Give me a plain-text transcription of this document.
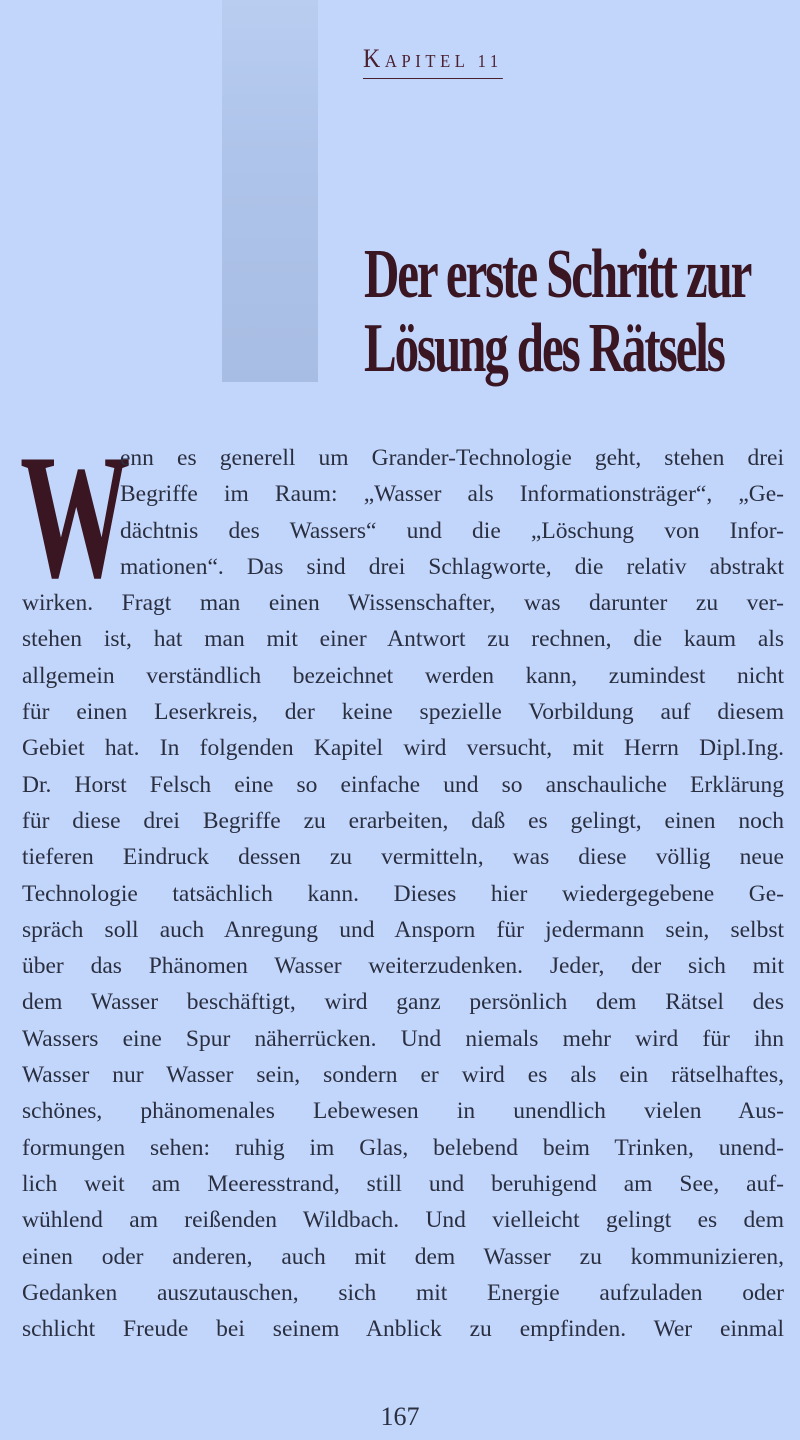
KAPITEL 11
Der erste Schritt zur
Lösung des Rätsels
W
enn es generell um Grander-Technologie geht, stehen drei
Begriffe im Raum: „Wasser als Informationsträger“, „Ge-
dächtnis des Wassers“ und die „Löschung von Infor-
mationen“. Das sind drei Schlagworte, die relativ abstrakt
wirken. Fragt man einen Wissenschafter, was darunter zu ver-
stehen ist, hat man mit einer Antwort zu rechnen, die kaum als
allgemein verständlich bezeichnet werden kann, zumindest nicht
für einen Leserkreis, der keine spezielle Vorbildung auf diesem
Gebiet hat. In folgenden Kapitel wird versucht, mit Herrn Dipl.Ing.
Dr. Horst Felsch eine so einfache und so anschauliche Erklärung
für diese drei Begriffe zu erarbeiten, daß es gelingt, einen noch
tieferen Eindruck dessen zu vermitteln, was diese völlig neue
Technologie tatsächlich kann. Dieses hier wiedergegebene Ge-
spräch soll auch Anregung und Ansporn für jedermann sein, selbst
über das Phänomen Wasser weiterzudenken. Jeder, der sich mit
dem Wasser beschäftigt, wird ganz persönlich dem Rätsel des
Wassers eine Spur näherrücken. Und niemals mehr wird für ihn
Wasser nur Wasser sein, sondern er wird es als ein rätselhaftes,
schönes, phänomenales Lebewesen in unendlich vielen Aus-
formungen sehen: ruhig im Glas, belebend beim Trinken, unend-
lich weit am Meeresstrand, still und beruhigend am See, auf-
wühlend am reißenden Wildbach. Und vielleicht gelingt es dem
einen oder anderen, auch mit dem Wasser zu kommunizieren,
Gedanken auszutauschen, sich mit Energie aufzuladen oder
schlicht Freude bei seinem Anblick zu empfinden. Wer einmal
167
